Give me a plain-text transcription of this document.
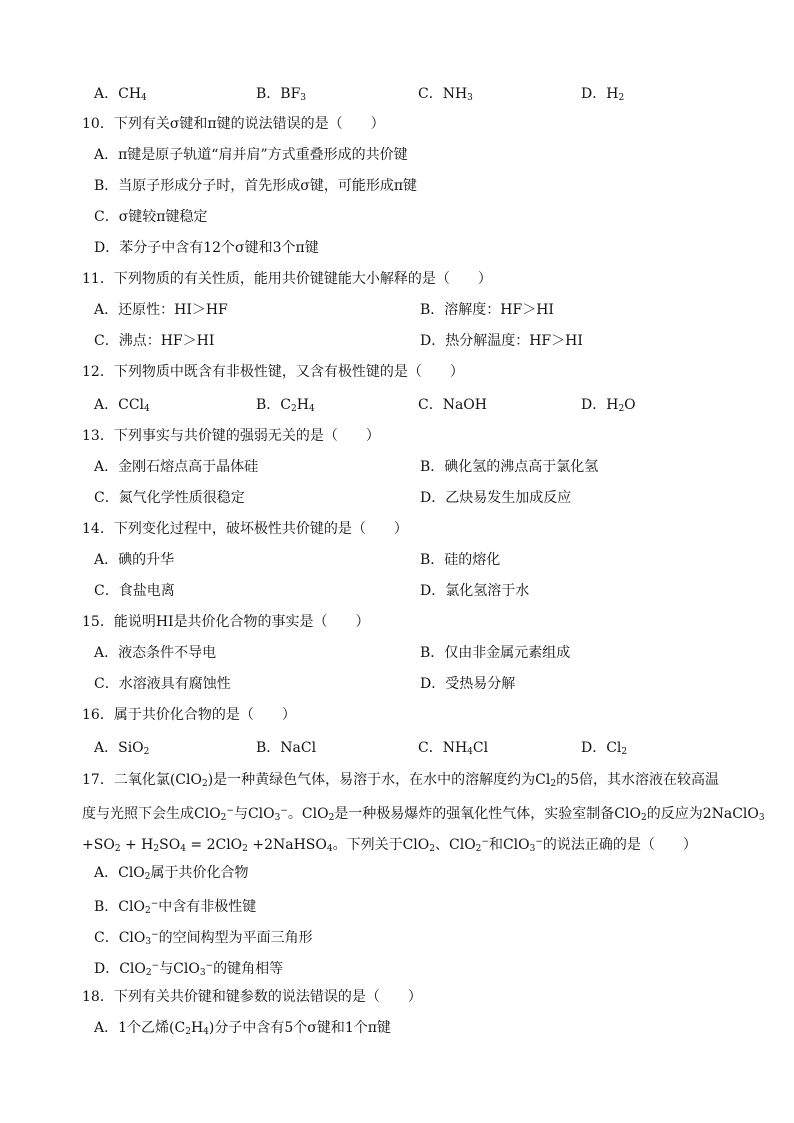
A．$CH_4$	B．$BF_3$	C．$NH_3$	D．$H_2$
10．下列有关σ键和π键的说法错误的是（　　）
A．π键是原子轨道“肩并肩”方式重叠形成的共价键
B．当原子形成分子时，首先形成σ键，可能形成π键
C．σ键较π键稳定
D．苯分子中含有12个σ键和3个π键
11．下列物质的有关性质，能用共价键键能大小解释的是（　　）
A．还原性：HI＞HF	B．溶解度：HF＞HI
C．沸点：HF＞HI	D．热分解温度：HF＞HI
12．下列物质中既含有非极性键，又含有极性键的是（　　）
A．CCl$_4$	B．$C_2H_4$	C．NaOH	D．$H_2O$
13．下列事实与共价键的强弱无关的是（　　）
A．金刚石熔点高于晶体硅	B．碘化氢的沸点高于氯化氢
C．氮气化学性质很稳定	D．乙炔易发生加成反应
14．下列变化过程中，破坏极性共价键的是（　　）
A．碘的升华	B．硅的熔化
C．食盐电离	D．氯化氢溶于水
15．能说明HI是共价化合物的事实是（　　）
A．液态条件不导电	B．仅由非金属元素组成
C．水溶液具有腐蚀性	D．受热易分解
16．属于共价化合物的是（　　）
A．SiO$_2$	B．NaCl	C．$NH_4Cl$	D．$Cl_2$
17．二氧化氯(ClO$_2$)是一种黄绿色气体，易溶于水，在水中的溶解度约为$Cl_2$的5倍，其水溶液在较高温
度与光照下会生成ClO$_2$−与ClO$_3$−。ClO$_2$是一种极易爆炸的强氧化性气体，实验室制备ClO$_2$的反应为2NaClO$_3$
$+SO_2 + H_2SO_4 = 2ClO_2$ +2NaHSO$_4$。下列关于ClO$_2$、ClO$_2$−和ClO$_3$−的说法正确的是（　　）
A．ClO$_2$属于共价化合物
B．ClO$_2$−中含有非极性键
C．ClO$_3$−的空间构型为平面三角形
D．ClO$_2$−与ClO$_3$−的键角相等
18．下列有关共价键和键参数的说法错误的是（　　）
A．1个乙烯$(C_2H_4)$分子中含有5个σ键和1个π键
